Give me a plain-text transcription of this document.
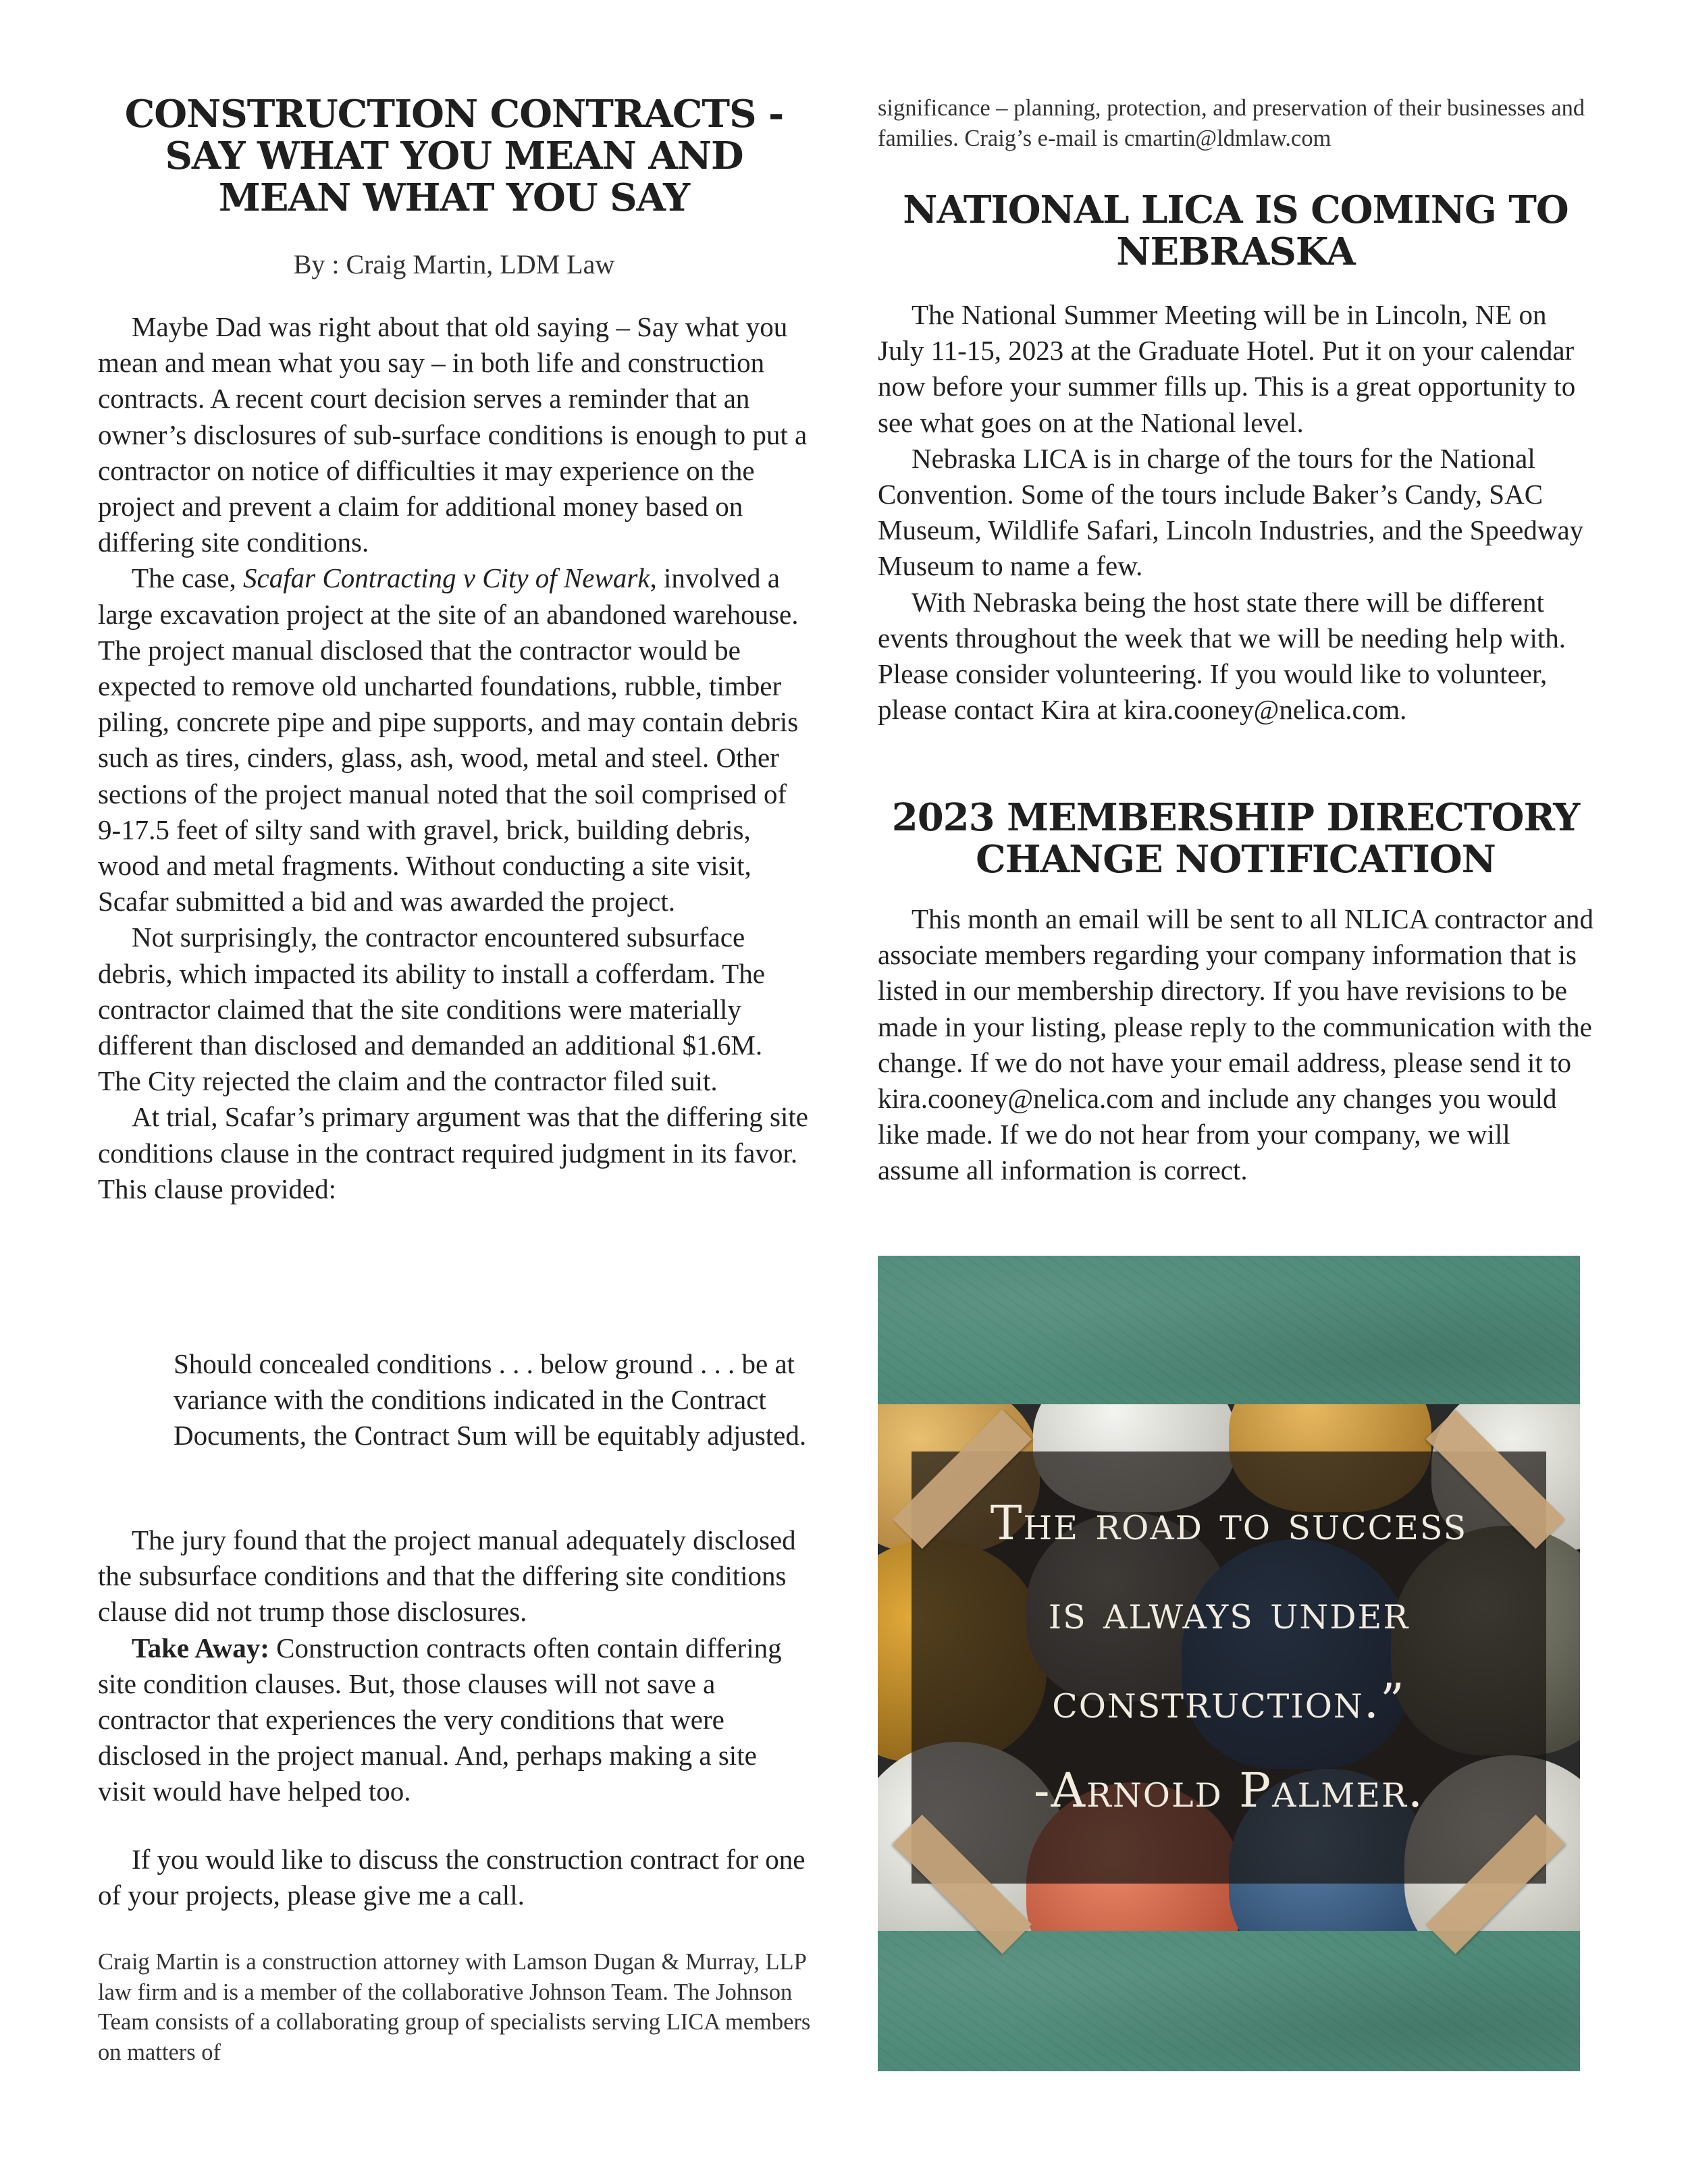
CONSTRUCTION CONTRACTS - SAY WHAT YOU MEAN AND MEAN WHAT YOU SAY
By : Craig Martin, LDM Law

Maybe Dad was right about that old saying – Say what you mean and mean what you say – in both life and construction contracts. A recent court decision serves a reminder that an owner’s disclosures of sub-surface conditions is enough to put a contractor on notice of difficulties it may experience on the project and prevent a claim for additional money based on differing site conditions.

The case, Scafar Contracting v City of Newark, involved a large excavation project at the site of an abandoned warehouse. The project manual disclosed that the contractor would be expected to remove old uncharted foundations, rubble, timber piling, concrete pipe and pipe supports, and may contain debris such as tires, cinders, glass, ash, wood, metal and steel. Other sections of the project manual noted that the soil comprised of 9-17.5 feet of silty sand with gravel, brick, building debris, wood and metal fragments. Without conducting a site visit, Scafar submitted a bid and was awarded the project.

Not surprisingly, the contractor encountered subsurface debris, which impacted its ability to install a cofferdam. The contractor claimed that the site conditions were materially different than disclosed and demanded an additional $1.6M. The City rejected the claim and the contractor filed suit.

At trial, Scafar’s primary argument was that the differing site conditions clause in the contract required judgment in its favor. This clause provided:

Should concealed conditions . . . below ground . . . be at variance with the conditions indicated in the Contract Documents, the Contract Sum will be equitably adjusted.

The jury found that the project manual adequately disclosed the subsurface conditions and that the differing site conditions clause did not trump those disclosures.

Take Away: Construction contracts often contain differing site condition clauses. But, those clauses will not save a contractor that experiences the very conditions that were disclosed in the project manual. And, perhaps making a site visit would have helped too.

If you would like to discuss the construction contract for one of your projects, please give me a call.

Craig Martin is a construction attorney with Lamson Dugan & Murray, LLP law firm and is a member of the collaborative Johnson Team. The Johnson Team consists of a collaborating group of specialists serving LICA members on matters of
significance – planning, protection, and preservation of their businesses and families. Craig’s e-mail is cmartin@ldmlaw.com
NATIONAL LICA IS COMING TO NEBRASKA

The National Summer Meeting will be in Lincoln, NE on July 11-15, 2023 at the Graduate Hotel. Put it on your calendar now before your summer fills up. This is a great opportunity to see what goes on at the National level.

Nebraska LICA is in charge of the tours for the National Convention. Some of the tours include Baker’s Candy, SAC Museum, Wildlife Safari, Lincoln Industries, and the Speedway Museum to name a few.

With Nebraska being the host state there will be different events throughout the week that we will be needing help with. Please consider volunteering. If you would like to volunteer, please contact Kira at kira.cooney@nelica.com.

2023 MEMBERSHIP DIRECTORY CHANGE NOTIFICATION

This month an email will be sent to all NLICA contractor and associate members regarding your company information that is listed in our membership directory. If you have revisions to be made in your listing, please reply to the communication with the change. If we do not have your email address, please send it to kira.cooney@nelica.com and include any changes you would like made. If we do not hear from your company, we will assume all information is correct.

The road to success
is always under
construction.”
-Arnold Palmer.
